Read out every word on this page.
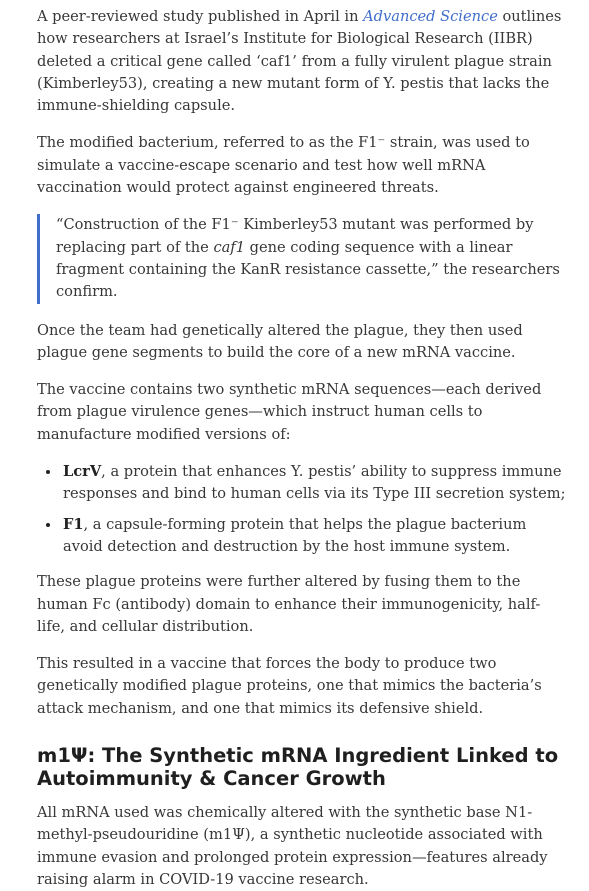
A peer-reviewed study published in April in Advanced Science outlines how researchers at Israel’s Institute for Biological Research (IIBR) deleted a critical gene called ‘caf1’ from a fully virulent plague strain (Kimberley53), creating a new mutant form of Y. pestis that lacks the immune-shielding capsule.

The modified bacterium, referred to as the F1⁻ strain, was used to simulate a vaccine-escape scenario and test how well mRNA vaccination would protect against engineered threats.

“Construction of the F1⁻ Kimberley53 mutant was performed by replacing part of the caf1 gene coding sequence with a linear fragment containing the KanR resistance cassette,” the researchers confirm.

Once the team had genetically altered the plague, they then used plague gene segments to build the core of a new mRNA vaccine.

The vaccine contains two synthetic mRNA sequences—each derived from plague virulence genes—which instruct human cells to manufacture modified versions of:

• LcrV, a protein that enhances Y. pestis’ ability to suppress immune responses and bind to human cells via its Type III secretion system;
• F1, a capsule-forming protein that helps the plague bacterium avoid detection and destruction by the host immune system.

These plague proteins were further altered by fusing them to the human Fc (antibody) domain to enhance their immunogenicity, half-life, and cellular distribution.

This resulted in a vaccine that forces the body to produce two genetically modified plague proteins, one that mimics the bacteria’s attack mechanism, and one that mimics its defensive shield.

m1Ψ: The Synthetic mRNA Ingredient Linked to Autoimmunity & Cancer Growth

All mRNA used was chemically altered with the synthetic base N1-methyl-pseudouridine (m1Ψ), a synthetic nucleotide associated with immune evasion and prolonged protein expression—features already raising alarm in COVID-19 vaccine research.
